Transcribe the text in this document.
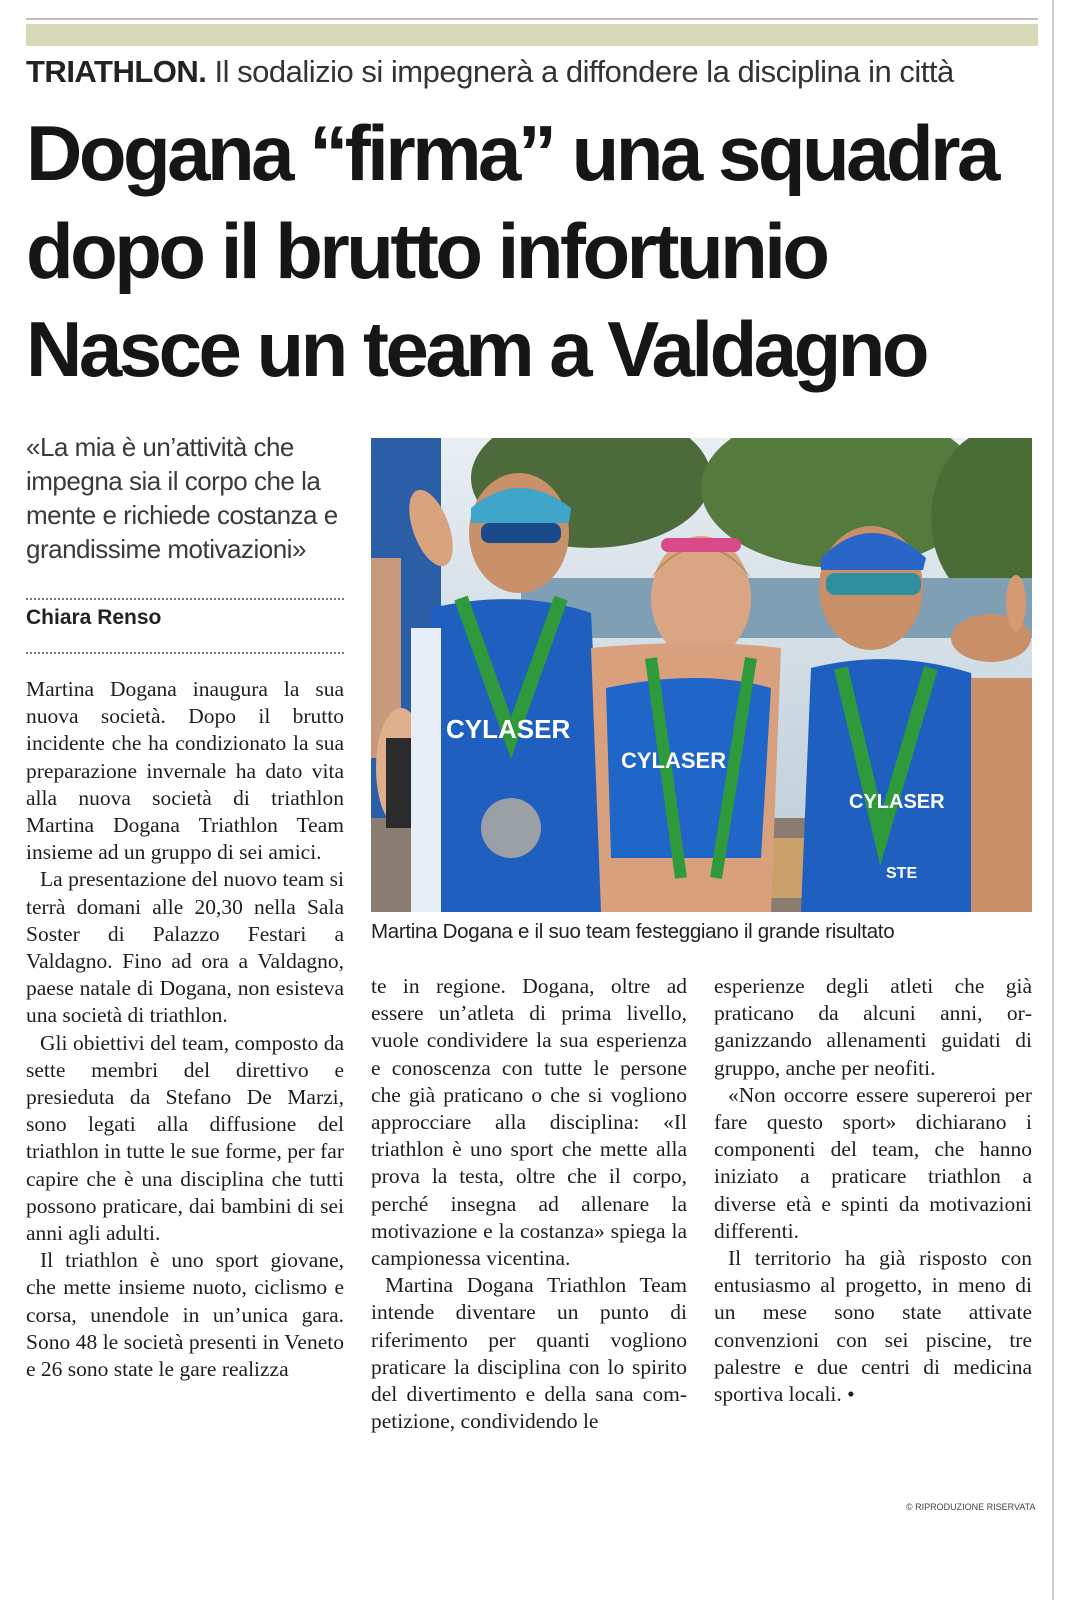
TRIATHLON. Il sodalizio si impegnerà a diffondere la disciplina in città
Dogana “firma” una squadra
dopo il brutto infortunio
Nasce un team a Valdagno
«La mia è un’attività che impegna sia il corpo che la mente e richiede costanza e grandissime motivazioni»
Chiara Renso

Martina Dogana inaugura la sua nuova società. Dopo il brutto incidente che ha condizionato la sua preparazione invernale ha dato vita alla nuova società di triathlon Martina Dogana Triathlon Team insieme ad un gruppo di sei amici.

La presentazione del nuovo team si terrà domani alle 20,30 nella Sala Soster di Palazzo Festari a Valdagno. Fino ad ora a Valdagno, paese natale di Dogana, non esisteva una società di triathlon.

Gli obiettivi del team, composto da sette membri del direttivo e presieduta da Stefano De Marzi, sono legati alla diffusione del triathlon in tutte le sue forme, per far capire che è una disciplina che tutti possono praticare, dai bambini di sei anni agli adulti.

Il triathlon è uno sport giovane, che mette insieme nuoto, ciclismo e corsa, unendole in un’unica gara. Sono 48 le società presenti in Veneto e 26 sono state le gare realizza

CYLASER
CYLASER
CYLASER
STE
Martina Dogana e il suo team festeggiano il grande risultato

te in regione. Dogana, oltre ad essere un’atleta di prima livello, vuole condividere la sua esperienza e conoscenza con tutte le persone che già praticano o che si vogliono approcciare alla disciplina: «Il triathlon è uno sport che mette alla prova la testa, oltre che il corpo, perché insegna ad allenare la motivazione e la costanza» spiega la campionessa vicentina.

Martina Dogana Triathlon Team intende diventare un punto di riferimento per quanti vogliono praticare la disciplina con lo spirito del divertimento e della sana competizione, condividendo le

esperienze degli atleti che già praticano da alcuni anni, organizzando allenamenti guidati di gruppo, anche per neofiti.

«Non occorre essere supereroi per fare questo sport» dichiarano i componenti del team, che hanno iniziato a praticare triathlon a diverse età e spinti da motivazioni differenti.

Il territorio ha già risposto con entusiasmo al progetto, in meno di un mese sono state attivate convenzioni con sei piscine, tre palestre e due centri di medicina sportiva locali. •

© RIPRODUZIONE RISERVATA
